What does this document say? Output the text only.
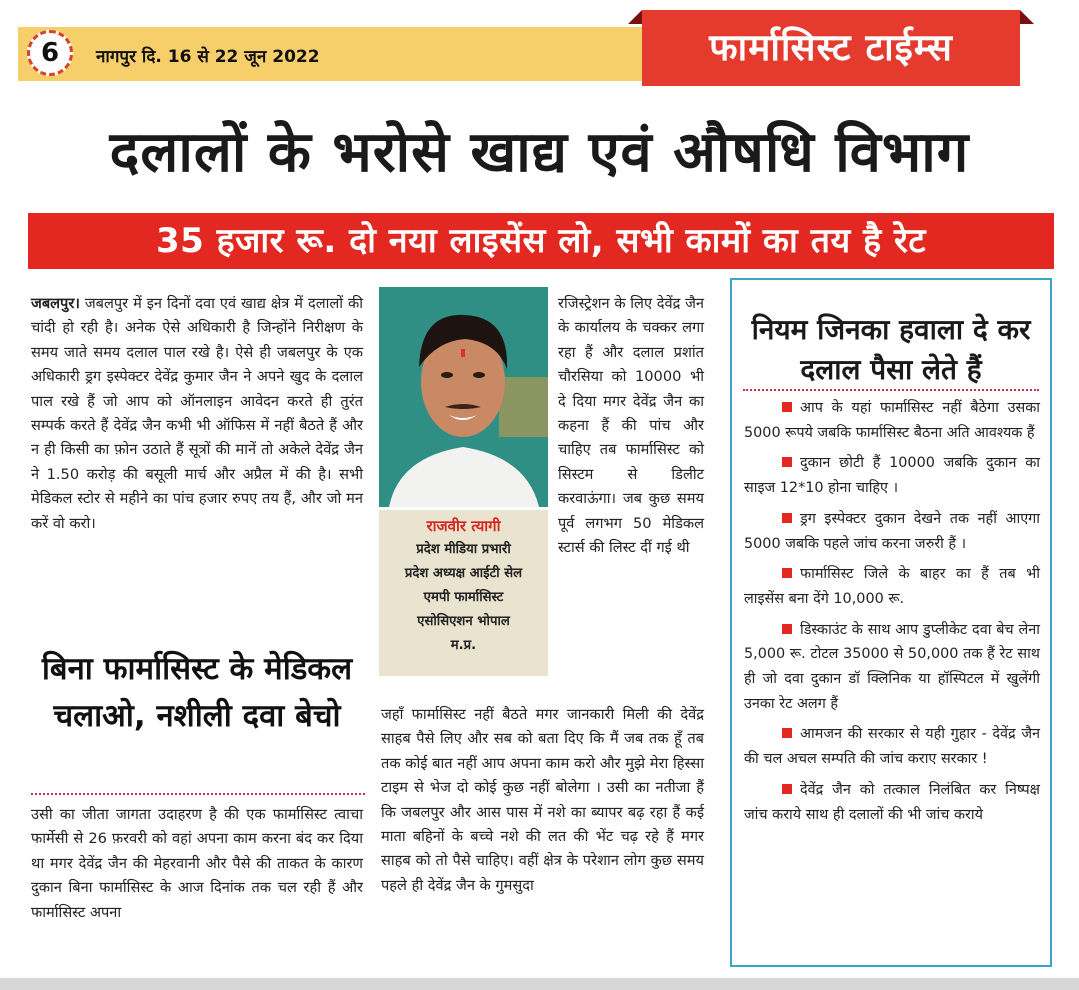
6	नागपुर दि. 16 से 22 जून 2022	फार्मासिस्ट टाईम्स
दलालों के भरोसे खाद्य एवं औषधि विभाग
35 हजार रू. दो नया लाइसेंस लो, सभी कामों का तय है रेट

जबलपुर। जबलपुर में इन दिनों दवा एवं खाद्य क्षेत्र में दलालों की चांदी हो रही है। अनेक ऐसे अधिकारी है जिन्होंने निरीक्षण के समय जाते समय दलाल पाल रखे है। ऐसे ही जबलपुर के एक अधिकारी ड्रग इस्पेक्टर देवेंद्र कुमार जैन ने अपने खुद के दलाल पाल रखे हैं जो आप को ऑनलाइन आवेदन करते ही तुरंत सम्पर्क करते हैं देवेंद्र जैन कभी भी ऑफिस में नहीं बैठते हैं और न ही किसी का फ़ोन उठाते हैं सूत्रों की मानें तो अकेले देवेंद्र जैन ने 1.50 करोड़ की बसूली मार्च और अप्रैल में की है। सभी मेडिकल स्टोर से महीने का पांच हजार रुपए तय हैं, और जो मन करें वो करो।

बिना फार्मासिस्ट के मेडिकल चलाओ, नशीली दवा बेचो

उसी का जीता जागता उदाहरण है की एक फार्मासिस्ट त्वाचा फार्मेसी से 26 फ़रवरी को वहां अपना काम करना बंद कर दिया था मगर देवेंद्र जैन की मेहरवानी और पैसे की ताकत के कारण दुकान बिना फार्मासिस्ट के आज दिनांक तक चल रही हैं और फार्मासिस्ट अपना

राजवीर त्यागी
प्रदेश मीडिया प्रभारी
प्रदेश अध्यक्ष आईटी सेल
एमपी फार्मासिस्ट
एसोसिएशन भोपाल
म.प्र.

रजिस्ट्रेशन के लिए देवेंद्र जैन के कार्यालय के चक्कर लगा रहा हैं और दलाल प्रशांत चौरसिया को 10000 भी दे दिया मगर देवेंद्र जैन का कहना हैं की पांच और चाहिए तब फार्मासिस्ट को सिस्टम से डिलीट करवाऊंगा। जब कुछ समय पूर्व लगभग 50 मेडिकल स्टार्स की लिस्ट दीं गई थी

जहाँ फार्मासिस्ट नहीं बैठते मगर जानकारी मिली की देवेंद्र साहब पैसे लिए और सब को बता दिए कि मैं जब तक हूँ तब तक कोई बात नहीं आप अपना काम करो और मुझे मेरा हिस्सा टाइम से भेज दो कोई कुछ नहीं बोलेगा । उसी का नतीजा हैं कि जबलपुर और आस पास में नशे का ब्यापर बढ़ रहा हैं कई माता बहिनों के बच्चे नशे की लत की भेंट चढ़ रहे हैं मगर साहब को तो पैसे चाहिए। वहीं क्षेत्र के परेशान लोग कुछ समय पहले ही देवेंद्र जैन के गुमसुदा

नियम जिनका हवाला दे कर दलाल पैसा लेते हैं
आप के यहां फार्मासिस्ट नहीं बैठेगा उसका 5000 रूपये जबकि फार्मासिस्ट बैठना अति आवश्यक हैं
दुकान छोटी हैं 10000 जबकि दुकान का साइज 12*10 होना चाहिए ।
ड्रग इस्पेक्टर दुकान देखने तक नहीं आएगा 5000 जबकि पहले जांच करना जरुरी हैं ।
फार्मासिस्ट जिले के बाहर का हैं तब भी लाइसेंस बना देंगे 10,000 रू.
डिस्काउंट के साथ आप डुप्लीकेट दवा बेच लेना 5,000 रू. टोटल 35000 से 50,000 तक हैं रेट साथ ही जो दवा दुकान डॉ क्लिनिक या हॉस्पिटल में खुलेंगी उनका रेट अलग हैं
आमजन की सरकार से यही गुहार - देवेंद्र जैन की चल अचल सम्पति की जांच कराए सरकार !
देवेंद्र जैन को तत्काल निलंबित कर निष्पक्ष जांच कराये साथ ही दलालों की भी जांच कराये
